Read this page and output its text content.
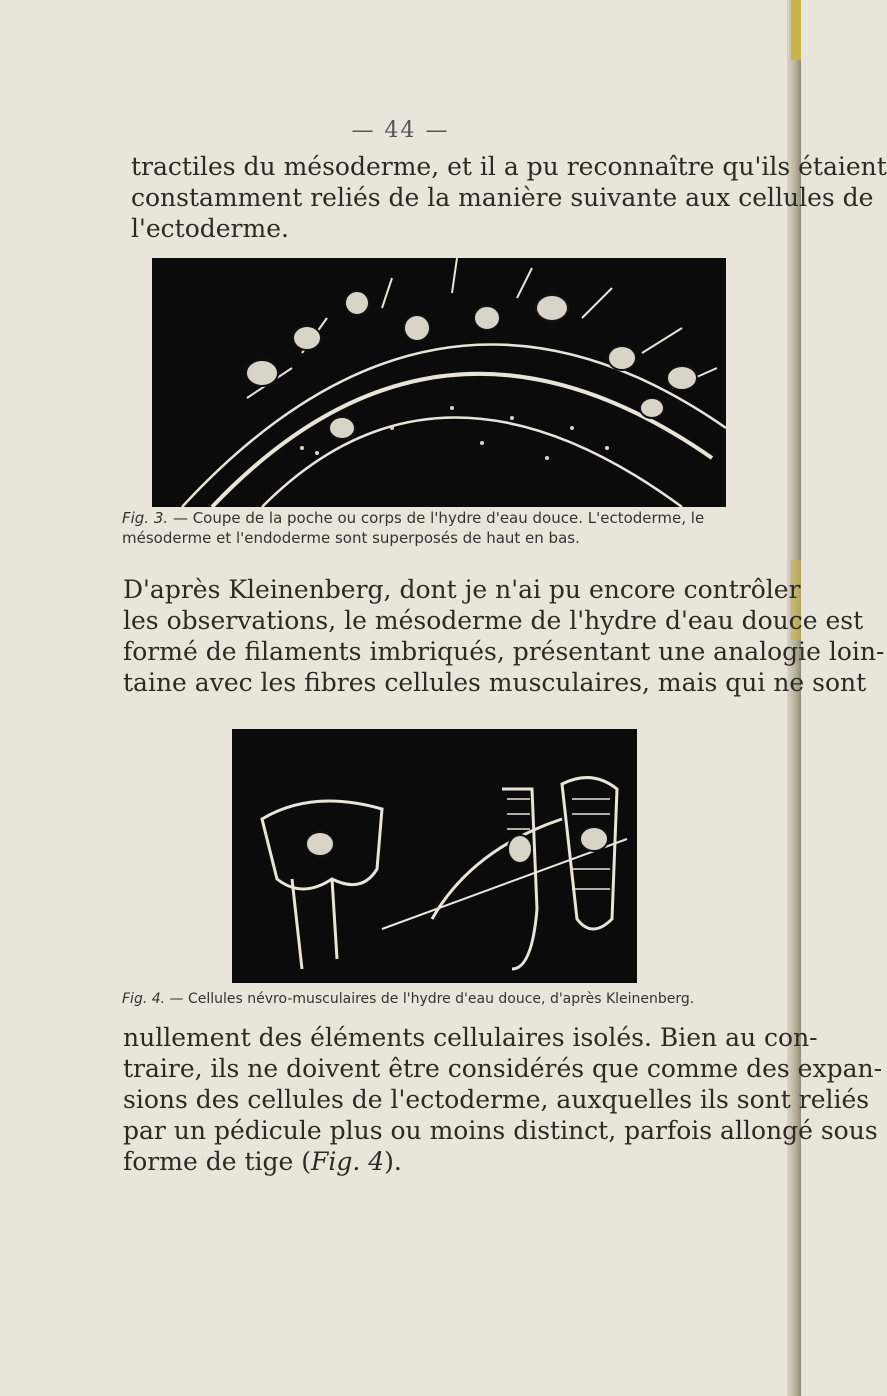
— 44 —

tractiles du mésoderme, et il a pu reconnaître qu'ils étaient
constamment reliés de la manière suivante aux cellules de
l'ectoderme.

Fig. 3. — Coupe de la poche ou corps de l'hydre d'eau douce. L'ectoderme, le
mésoderme et l'endoderme sont superposés de haut en bas.

D'après Kleinenberg, dont je n'ai pu encore contrôler
les observations, le mésoderme de l'hydre d'eau douce est
formé de filaments imbriqués, présentant une analogie loin-
taine avec les fibres cellules musculaires, mais qui ne sont

Fig. 4. — Cellules névro-musculaires de l'hydre d'eau douce, d'après Kleinenberg.

nullement des éléments cellulaires isolés. Bien au con-
traire, ils ne doivent être considérés que comme des expan-
sions des cellules de l'ectoderme, auxquelles ils sont reliés
par un pédicule plus ou moins distinct, parfois allongé sous
forme de tige (Fig. 4).
